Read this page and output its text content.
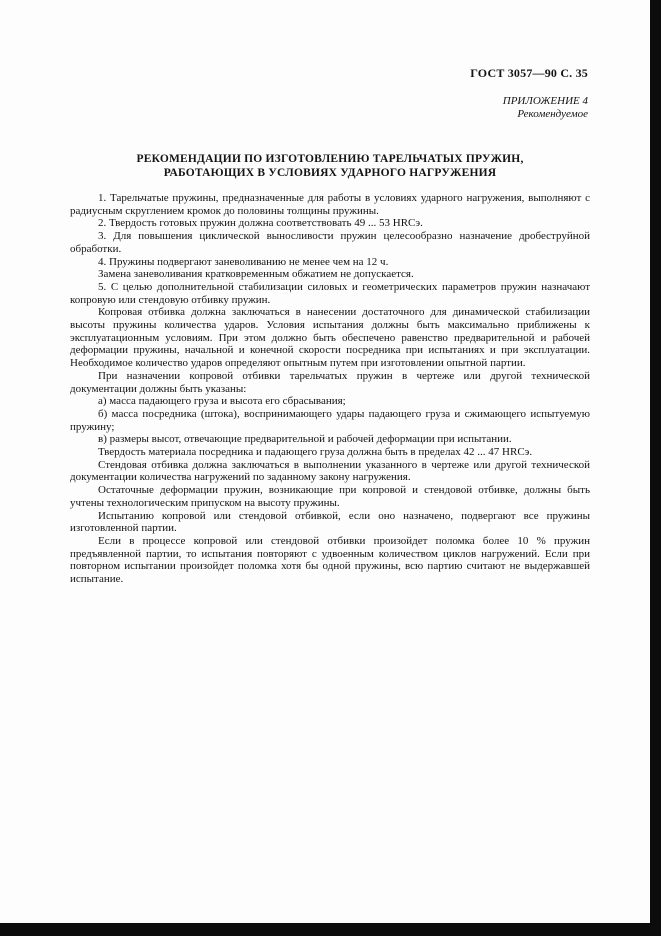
ГОСТ 3057—90 С. 35
ПРИЛОЖЕНИЕ 4
Рекомендуемое
РЕКОМЕНДАЦИИ ПО ИЗГОТОВЛЕНИЮ ТАРЕЛЬЧАТЫХ ПРУЖИН,
РАБОТАЮЩИХ В УСЛОВИЯХ УДАРНОГО НАГРУЖЕНИЯ

1. Тарельчатые пружины, предназначенные для работы в условиях ударного нагружения, выполняют с радиусным скруглением кромок до половины толщины пружины.

2. Твердость готовых пружин должна соответствовать 49 ... 53 HRCэ.

3. Для повышения циклической выносливости пружин целесообразно назначение дробеструйной обработки.

4. Пружины подвергают заневоливанию не менее чем на 12 ч.

Замена заневоливания кратковременным обжатием не допускается.

5. С целью дополнительной стабилизации силовых и геометрических параметров пружин назначают копровую или стендовую отбивку пружин.

Копровая отбивка должна заключаться в нанесении достаточного для динамической стабилизации высоты пружины количества ударов. Условия испытания должны быть максимально приближены к эксплуатационным условиям. При этом должно быть обеспечено равенство предварительной и рабочей деформации пружины, начальной и конечной скорости посредника при испытаниях и при эксплуатации. Необходимое количество ударов определяют опытным путем при изготовлении опытной партии.

При назначении копровой отбивки тарельчатых пружин в чертеже или другой технической документации должны быть указаны:

а) масса падающего груза и высота его сбрасывания;

б) масса посредника (штока), воспринимающего удары падающего груза и сжимающего испытуемую пружину;

в) размеры высот, отвечающие предварительной и рабочей деформации при испытании.

Твердость материала посредника и падающего груза должна быть в пределах 42 ... 47 HRCэ.

Стендовая отбивка должна заключаться в выполнении указанного в чертеже или другой технической документации количества нагружений по заданному закону нагружения.

Остаточные деформации пружин, возникающие при копровой и стендовой отбивке, должны быть учтены технологическим припуском на высоту пружины.

Испытанию копровой или стендовой отбивкой, если оно назначено, подвергают все пружины изготовленной партии.

Если в процессе копровой или стендовой отбивки произойдет поломка более 10 % пружин предъявленной партии, то испытания повторяют с удвоенным количеством циклов нагружений. Если при повторном испытании произойдет поломка хотя бы одной пружины, всю партию считают не выдержавшей испытание.
